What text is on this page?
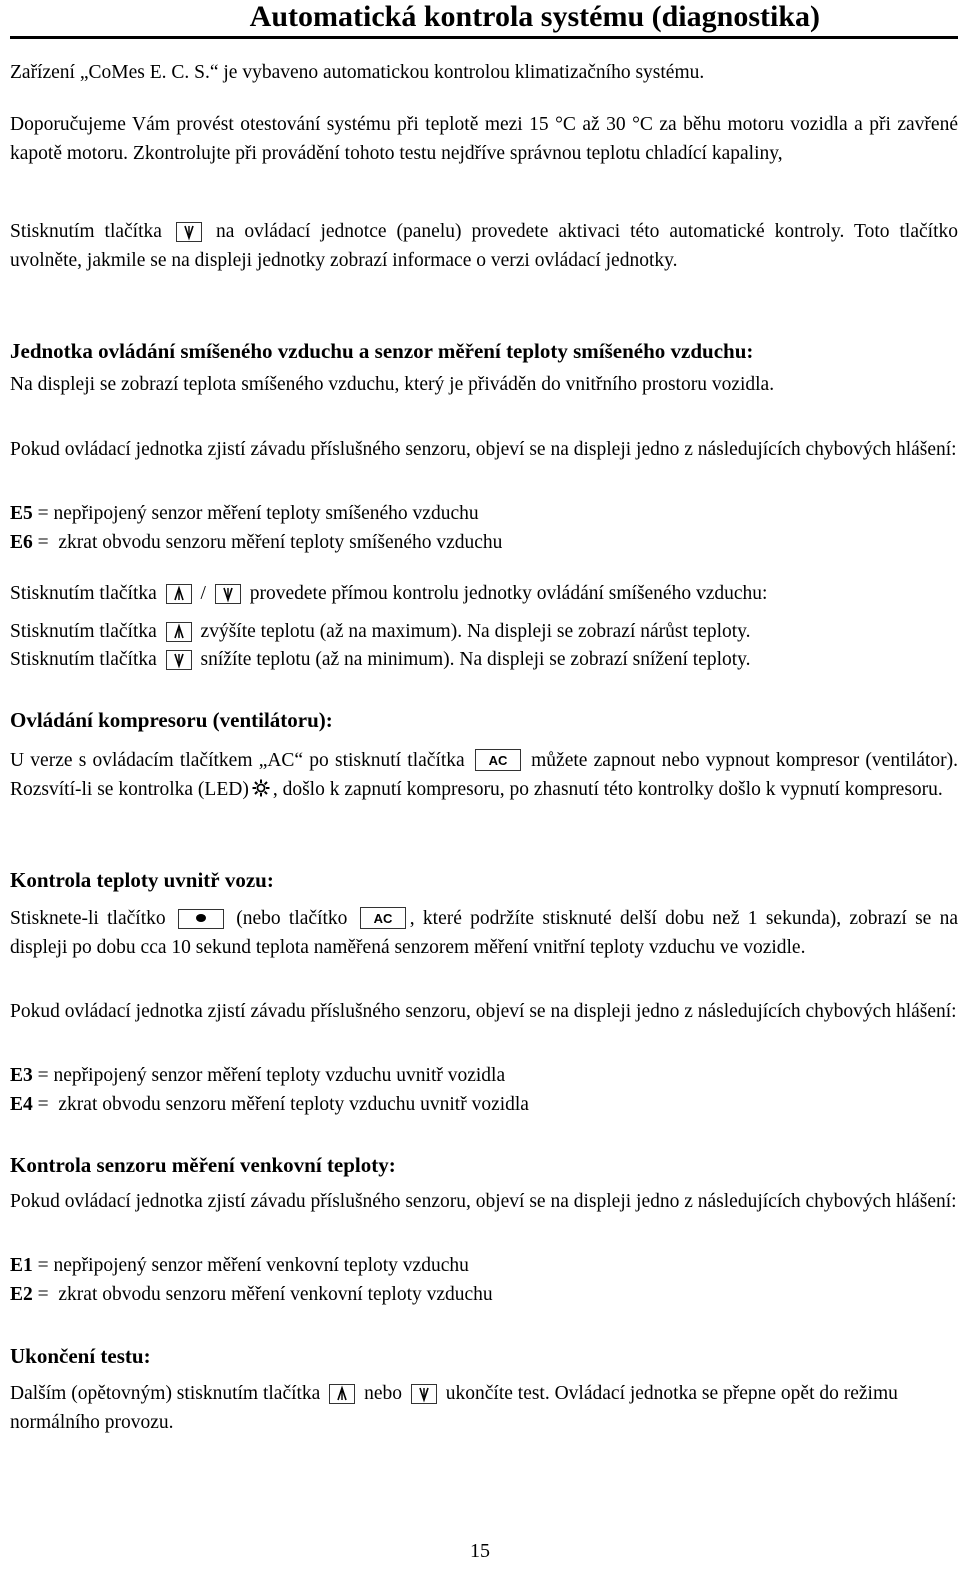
Automatická kontrola systému (diagnostika)
Zařízení „CoMes E. C. S.“ je vybaveno automatickou kontrolou klimatizačního systému.
Doporučujeme Vám provést otestování systému při teplotě mezi 15 °C až 30 °C za běhu motoru vozidla a při zavřené kapotě motoru. Zkontrolujte při provádění tohoto testu nejdříve správnou teplotu chladící kapaliny,
Stisknutím tlačítka	na ovládací jednotce (panelu) provedete aktivaci této automatické kontroly. Toto tlačítko uvolněte, jakmile se na displeji jednotky zobrazí informace o verzi ovládací jednotky.
Jednotka ovládání smíšeného vzduchu a senzor měření teploty smíšeného vzduchu:
Na displeji se zobrazí teplota smíšeného vzduchu, který je přiváděn do vnitřního prostoru vozidla.
Pokud ovládací jednotka zjistí závadu příslušného senzoru, objeví se na displeji jedno z následujících chybových hlášení:
E5 = nepřipojený senzor měření teploty smíšeného vzduchu
E6 = zkrat obvodu senzoru měření teploty smíšeného vzduchu
Stisknutím tlačítka / provedete přímou kontrolu jednotky ovládání smíšeného vzduchu:
Stisknutím tlačítka zvýšíte teplotu (až na maximum). Na displeji se zobrazí nárůst teploty.
Stisknutím tlačítka snížíte teplotu (až na minimum). Na displeji se zobrazí snížení teploty.
Ovládání kompresoru (ventilátoru):
U verze s ovládacím tlačítkem „AC“ po stisknutí tlačítka AC můžete zapnout nebo vypnout kompresor (ventilátor). Rozsvítí-li se kontrolka (LED) , došlo k zapnutí kompresoru, po zhasnutí této kontrolky došlo k vypnutí kompresoru.
Kontrola teploty uvnitř vozu:
Stisknete-li tlačítko	(nebo tlačítko AC , které podržíte stisknuté delší dobu než 1 sekunda), zobrazí se na displeji po dobu cca 10 sekund teplota naměřená senzorem měření vnitřní teploty vzduchu ve vozidle.
Pokud ovládací jednotka zjistí závadu příslušného senzoru, objeví se na displeji jedno z následujících chybových hlášení:
E3 = nepřipojený senzor měření teploty vzduchu uvnitř vozidla
E4 = zkrat obvodu senzoru měření teploty vzduchu uvnitř vozidla
Kontrola senzoru měření venkovní teploty:
Pokud ovládací jednotka zjistí závadu příslušného senzoru, objeví se na displeji jedno z následujících chybových hlášení:
E1 = nepřipojený senzor měření venkovní teploty vzduchu
E2 = zkrat obvodu senzoru měření venkovní teploty vzduchu
Ukončení testu:
Dalším (opětovným) stisknutím tlačítka nebo ukončíte test. Ovládací jednotka se přepne opět do režimu normálního provozu.
15
